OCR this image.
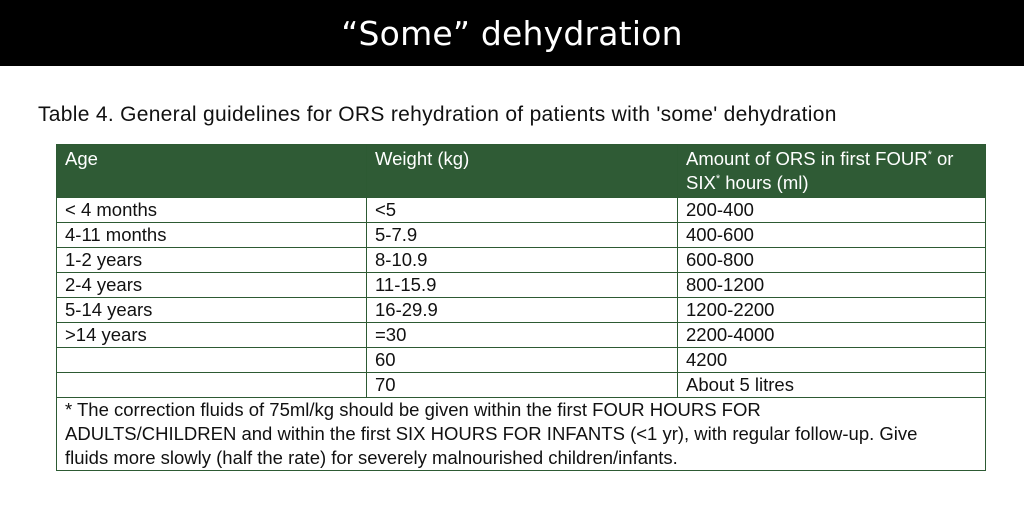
“Some” dehydration
Table 4. General guidelines for ORS rehydration of patients with 'some' dehydration
Age	Weight (kg)	Amount of ORS in first FOUR* or
SIX* hours (ml)
< 4 months	<5	200-400
4-11 months	5-7.9	400-600
1-2 years	8-10.9	600-800
2-4 years	11-15.9	800-1200
5-14 years	16-29.9	1200-2200
>14 years	=30	2200-4000
	60	4200
	70	About 5 litres
* The correction fluids of 75ml/kg should be given within the first FOUR HOURS FOR
ADULTS/CHILDREN and within the first SIX HOURS FOR INFANTS (<1 yr), with regular follow-up. Give
fluids more slowly (half the rate) for severely malnourished children/infants.		
